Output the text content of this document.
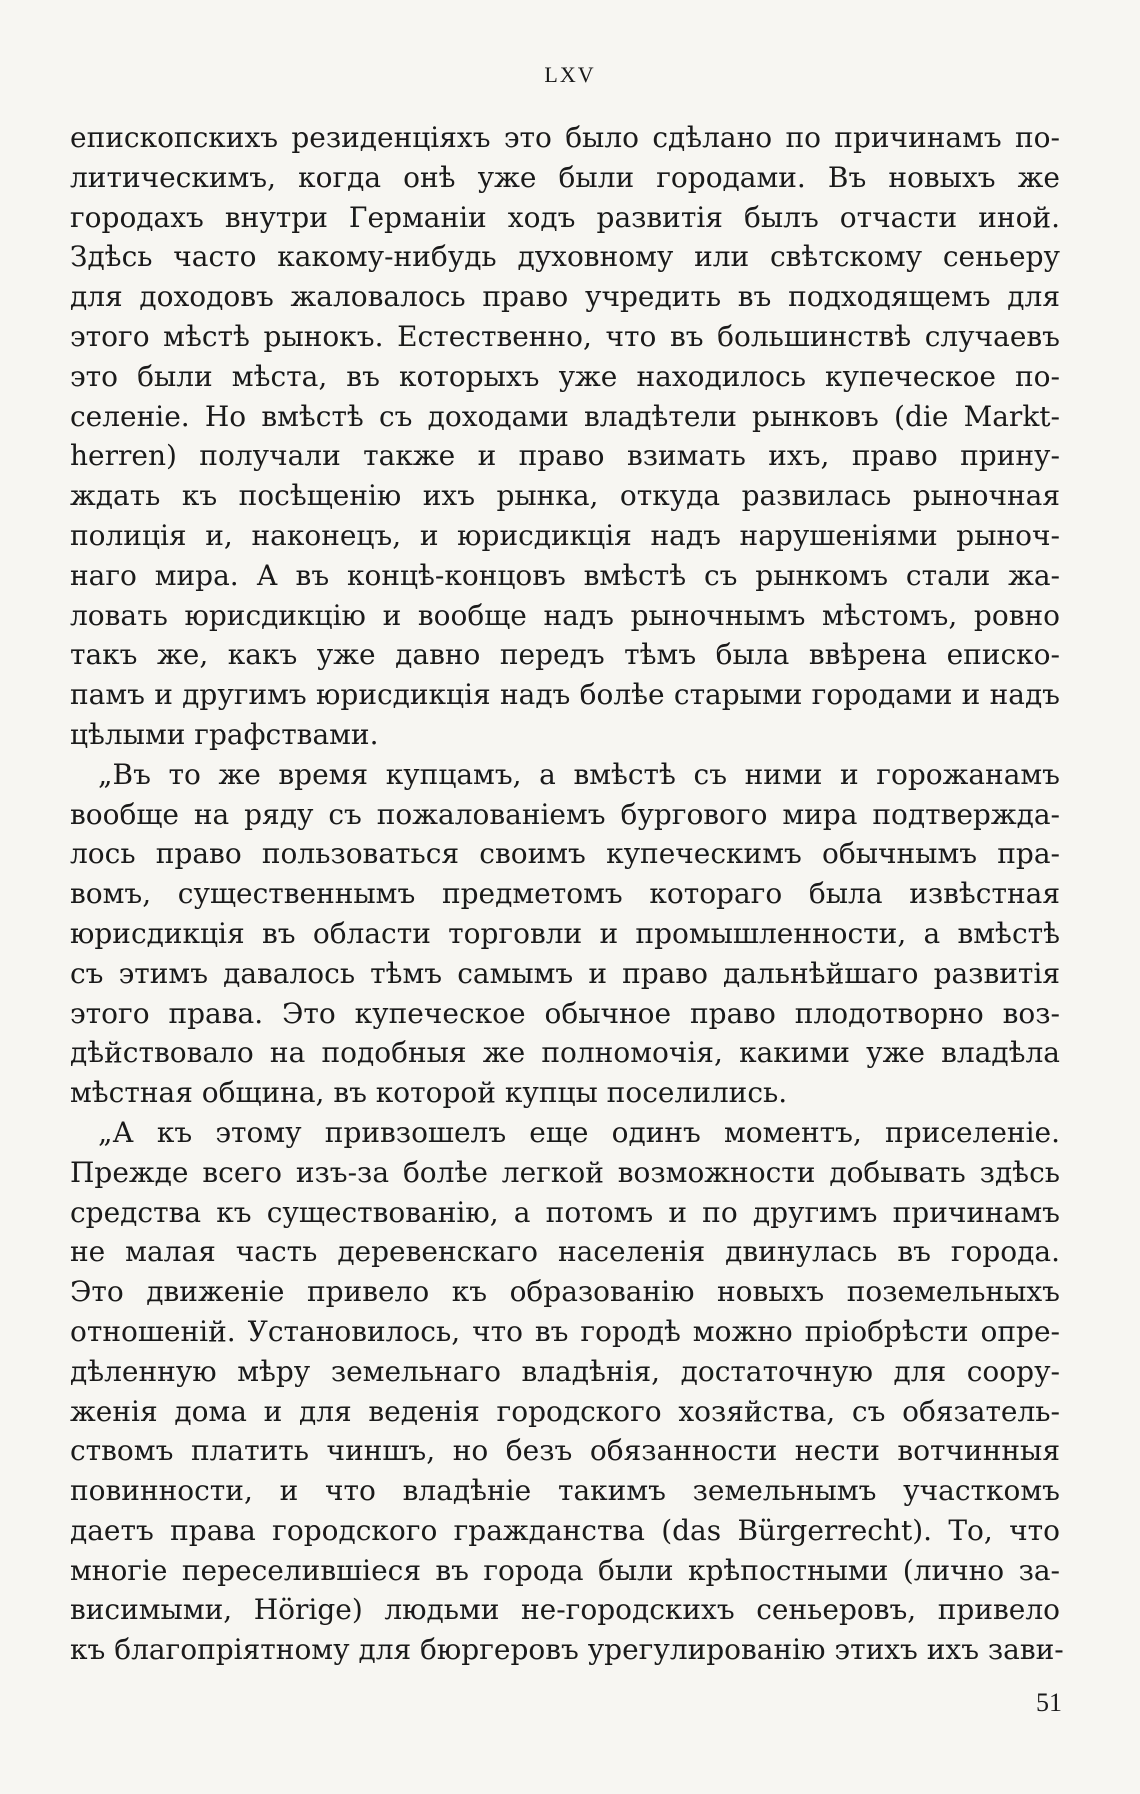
LXV
епископскихъ резиденціяхъ это было сдѣлано по причинамъ по-
литическимъ, когда онѣ уже были городами. Въ новыхъ же
городахъ внутри Германіи ходъ развитія былъ отчасти иной.
Здѣсь часто какому-нибудь духовному или свѣтскому сеньеру
для доходовъ жаловалось право учредить въ подходящемъ для
этого мѣстѣ рынокъ. Естественно, что въ большинствѣ случаевъ
это были мѣста, въ которыхъ уже находилось купеческое по-
селеніе. Но вмѣстѣ съ доходами владѣтели рынковъ (die Markt-
herren) получали также и право взимать ихъ, право прину-
ждать къ посѣщенію ихъ рынка, откуда развилась рыночная
полиція и, наконецъ, и юрисдикція надъ нарушеніями рыноч-
наго мира. А въ концѣ-концовъ вмѣстѣ съ рынкомъ стали жа-
ловать юрисдикцію и вообще надъ рыночнымъ мѣстомъ, ровно
такъ же, какъ уже давно передъ тѣмъ была ввѣрена еписко-
памъ и другимъ юрисдикція надъ болѣе старыми городами и надъ
цѣлыми графствами.
„Въ то же время купцамъ, а вмѣстѣ съ ними и горожанамъ
вообще на ряду съ пожалованіемъ бургового мира подтвержда-
лось право пользоваться своимъ купеческимъ обычнымъ пра-
вомъ, существеннымъ предметомъ котораго была извѣстная
юрисдикція въ области торговли и промышленности, а вмѣстѣ
съ этимъ давалось тѣмъ самымъ и право дальнѣйшаго развитія
этого права. Это купеческое обычное право плодотворно воз-
дѣйствовало на подобныя же полномочія, какими уже владѣла
мѣстная община, въ которой купцы поселились.
„А къ этому привзошелъ еще одинъ моментъ, приселеніе.
Прежде всего изъ-за болѣе легкой возможности добывать здѣсь
средства къ существованію, а потомъ и по другимъ причинамъ
не малая часть деревенскаго населенія двинулась въ города.
Это движеніе привело къ образованію новыхъ поземельныхъ
отношеній. Установилось, что въ городѣ можно пріобрѣсти опре-
дѣленную мѣру земельнаго владѣнія, достаточную для соору-
женія дома и для веденія городского хозяйства, съ обязатель-
ствомъ платить чиншъ, но безъ обязанности нести вотчинныя
повинности, и что владѣніе такимъ земельнымъ участкомъ
даетъ права городского гражданства (das Bürgerrecht). То, что
многіе переселившіеся въ города были крѣпостными (лично за-
висимыми, Hörige) людьми не-городскихъ сеньеровъ, привело
къ благопріятному для бюргеровъ урегулированію этихъ ихъ зави-
51
